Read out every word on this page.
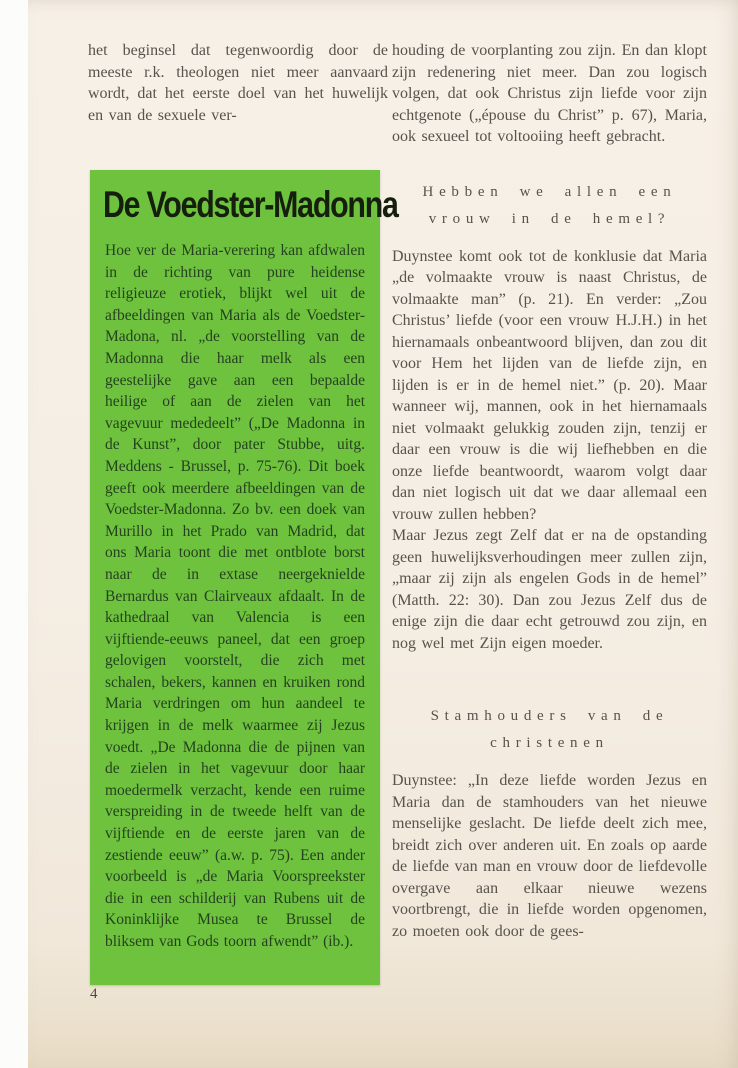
het beginsel dat tegenwoordig door de meeste r.k. theologen niet meer aanvaard wordt, dat het eerste doel van het huwelijk en van de sexuele ver-

De Voedster-Madonna

Hoe ver de Maria-verering kan afdwalen in de richting van pure heidense religieuze erotiek, blijkt wel uit de afbeeldingen van Maria als de Voedster-Madona, nl. „de voorstelling van de Madonna die haar melk als een geestelijke gave aan een bepaalde heilige of aan de zielen van het vagevuur mededeelt” („De Madonna in de Kunst”, door pater Stubbe, uitg. Meddens - Brussel, p. 75-76). Dit boek geeft ook meerdere afbeeldingen van de Voedster-Madonna. Zo bv. een doek van Murillo in het Prado van Madrid, dat ons Maria toont die met ontblote borst naar de in extase neergeknielde Bernardus van Clairveaux afdaalt. In de kathedraal van Valencia is een vijftiende-eeuws paneel, dat een groep gelovigen voorstelt, die zich met schalen, bekers, kannen en kruiken rond Maria verdringen om hun aandeel te krijgen in de melk waarmee zij Jezus voedt. „De Madonna die de pijnen van de zielen in het vagevuur door haar moedermelk verzacht, kende een ruime verspreiding in de tweede helft van de vijftiende en de eerste jaren van de zestiende eeuw” (a.w. p. 75). Een ander voorbeeld is „de Maria Voorspreekster die in een schilderij van Rubens uit de Koninklijke Musea te Brussel de bliksem van Gods toorn afwendt” (ib.).

houding de voorplanting zou zijn. En dan klopt zijn redenering niet meer. Dan zou logisch volgen, dat ook Christus zijn liefde voor zijn echtgenote („épouse du Christ” p. 67), Maria, ook sexueel tot voltooiing heeft gebracht.

Hebben we allen een
vrouw in de hemel?

Duynstee komt ook tot de konklusie dat Maria „de volmaakte vrouw is naast Christus, de volmaakte man” (p. 21). En verder: „Zou Christus’ liefde (voor een vrouw H.J.H.) in het hiernamaals onbeantwoord blijven, dan zou dit voor Hem het lijden van de liefde zijn, en lijden is er in de hemel niet.” (p. 20). Maar wanneer wij, mannen, ook in het hiernamaals niet volmaakt gelukkig zouden zijn, tenzij er daar een vrouw is die wij liefhebben en die onze liefde beantwoordt, waarom volgt daar dan niet logisch uit dat we daar allemaal een vrouw zullen hebben?

Maar Jezus zegt Zelf dat er na de opstanding geen huwelijksverhoudingen meer zullen zijn, „maar zij zijn als engelen Gods in de hemel” (Matth. 22: 30). Dan zou Jezus Zelf dus de enige zijn die daar echt getrouwd zou zijn, en nog wel met Zijn eigen moeder.

Stamhouders van de
christenen

Duynstee: „In deze liefde worden Jezus en Maria dan de stamhouders van het nieuwe menselijke geslacht. De liefde deelt zich mee, breidt zich over anderen uit. En zoals op aarde de liefde van man en vrouw door de liefdevolle overgave aan elkaar nieuwe wezens voortbrengt, die in liefde worden opgenomen, zo moeten ook door de gees-

4
